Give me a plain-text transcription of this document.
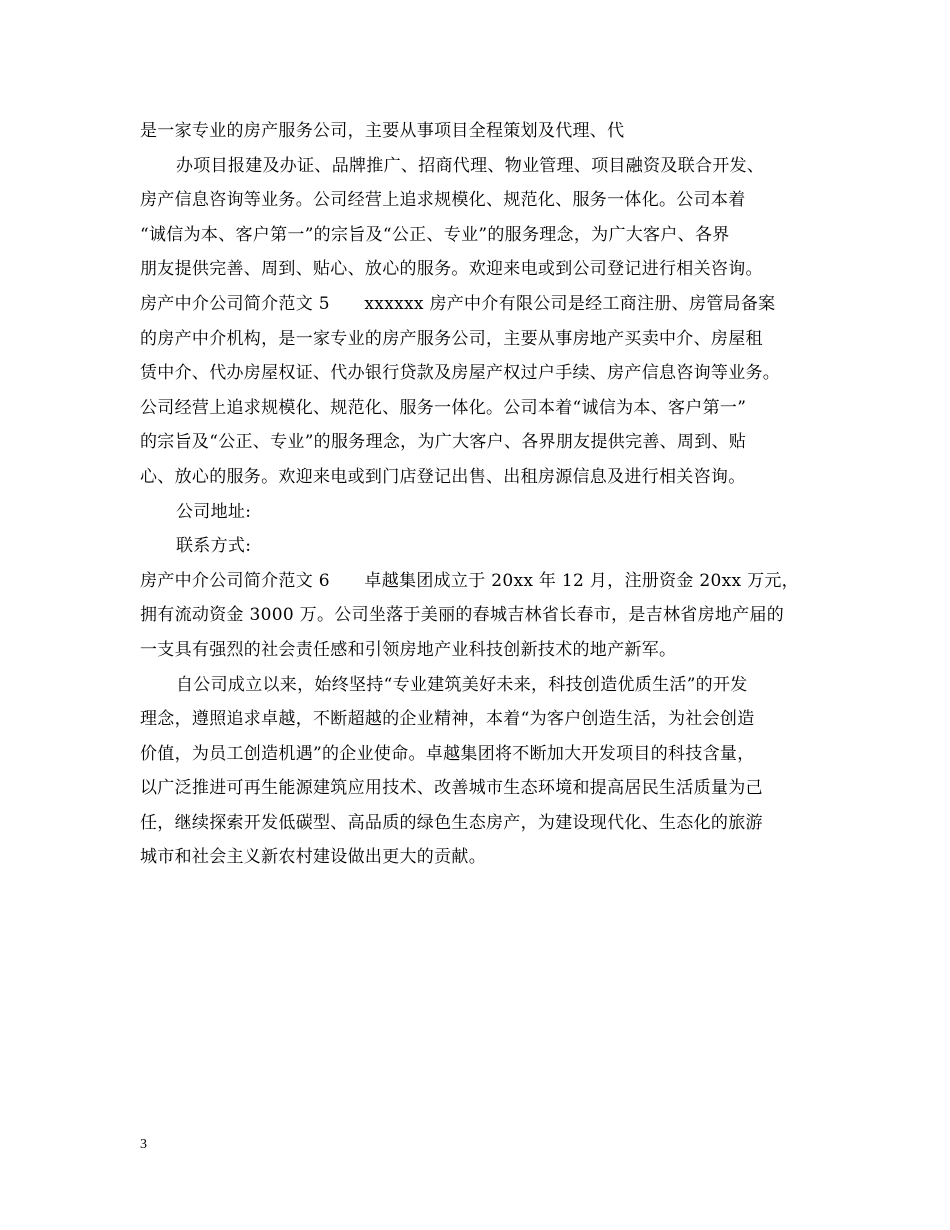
是一家专业的房产服务公司，主要从事项目全程策划及代理、代
办项目报建及办证、品牌推广、招商代理、物业管理、项目融资及联合开发、
房产信息咨询等业务。公司经营上追求规模化、规范化、服务一体化。公司本着
“诚信为本、客户第一”的宗旨及“公正、专业”的服务理念，为广大客户、各界
朋友提供完善、周到、贴心、放心的服务。欢迎来电或到公司登记进行相关咨询。
房产中介公司简介范文 5　　xxxxxx 房产中介有限公司是经工商注册、房管局备案
的房产中介机构，是一家专业的房产服务公司，主要从事房地产买卖中介、房屋租
赁中介、代办房屋权证、代办银行贷款及房屋产权过户手续、房产信息咨询等业务。
公司经营上追求规模化、规范化、服务一体化。公司本着“诚信为本、客户第一”
的宗旨及“公正、专业”的服务理念，为广大客户、各界朋友提供完善、周到、贴
心、放心的服务。欢迎来电或到门店登记出售、出租房源信息及进行相关咨询。
公司地址:
联系方式:
房产中介公司简介范文 6　　卓越集团成立于 20xx 年 12 月，注册资金 20xx 万元，
拥有流动资金 3000 万。公司坐落于美丽的春城吉林省长春市，是吉林省房地产届的
一支具有强烈的社会责任感和引领房地产业科技创新技术的地产新军。
自公司成立以来，始终坚持“专业建筑美好未来，科技创造优质生活”的开发
理念，遵照追求卓越，不断超越的企业精神，本着“为客户创造生活，为社会创造
价值，为员工创造机遇”的企业使命。卓越集团将不断加大开发项目的科技含量，
以广泛推进可再生能源建筑应用技术、改善城市生态环境和提高居民生活质量为己
任，继续探索开发低碳型、高品质的绿色生态房产，为建设现代化、生态化的旅游
城市和社会主义新农村建设做出更大的贡献。
3
